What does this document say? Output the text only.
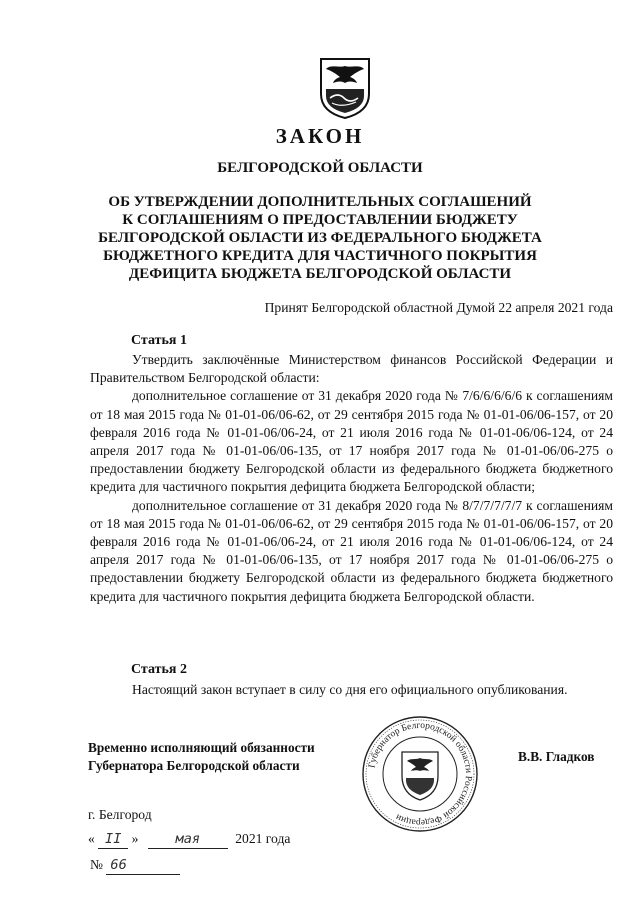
ЗАКОН
БЕЛГОРОДСКОЙ ОБЛАСТИ
ОБ УТВЕРЖДЕНИИ ДОПОЛНИТЕЛЬНЫХ СОГЛАШЕНИЙ
К СОГЛАШЕНИЯМ О ПРЕДОСТАВЛЕНИИ БЮДЖЕТУ
БЕЛГОРОДСКОЙ ОБЛАСТИ ИЗ ФЕДЕРАЛЬНОГО БЮДЖЕТА
БЮДЖЕТНОГО КРЕДИТА ДЛЯ ЧАСТИЧНОГО ПОКРЫТИЯ
ДЕФИЦИТА БЮДЖЕТА БЕЛГОРОДСКОЙ ОБЛАСТИ
Принят Белгородской областной Думой 22 апреля 2021 года
Статья 1
Утвердить заключённые Министерством финансов Российской Федерации и Правительством Белгородской области:
дополнительное соглашение от 31 декабря 2020 года № 7/6/6/6/6/6 к соглашениям от 18 мая 2015 года № 01-01-06/06-62, от 29 сентября 2015 года № 01-01-06/06-157, от 20 февраля 2016 года № 01-01-06/06-24, от 21 июля 2016 года № 01-01-06/06-124, от 24 апреля 2017 года № 01-01-06/06-135, от 17 ноября 2017 года № 01-01-06/06-275 о предоставлении бюджету Белгородской области из федерального бюджета бюджетного кредита для частичного покрытия дефицита бюджета Белгородской области;
дополнительное соглашение от 31 декабря 2020 года № 8/7/7/7/7/7 к соглашениям от 18 мая 2015 года № 01-01-06/06-62, от 29 сентября 2015 года № 01-01-06/06-157, от 20 февраля 2016 года № 01-01-06/06-24, от 21 июля 2016 года № 01-01-06/06-124, от 24 апреля 2017 года № 01-01-06/06-135, от 17 ноября 2017 года № 01-01-06/06-275 о предоставлении бюджету Белгородской области из федерального бюджета бюджетного кредита для частичного покрытия дефицита бюджета Белгородской области.
Статья 2
Настоящий закон вступает в силу со дня его официального опубликования.
Временно исполняющий обязанности
Губернатора Белгородской области	Губернатор Белгородской области Российской Федерации
В.В. Гладков
г. Белгород
« II »	мая	2021 года
№ 66
